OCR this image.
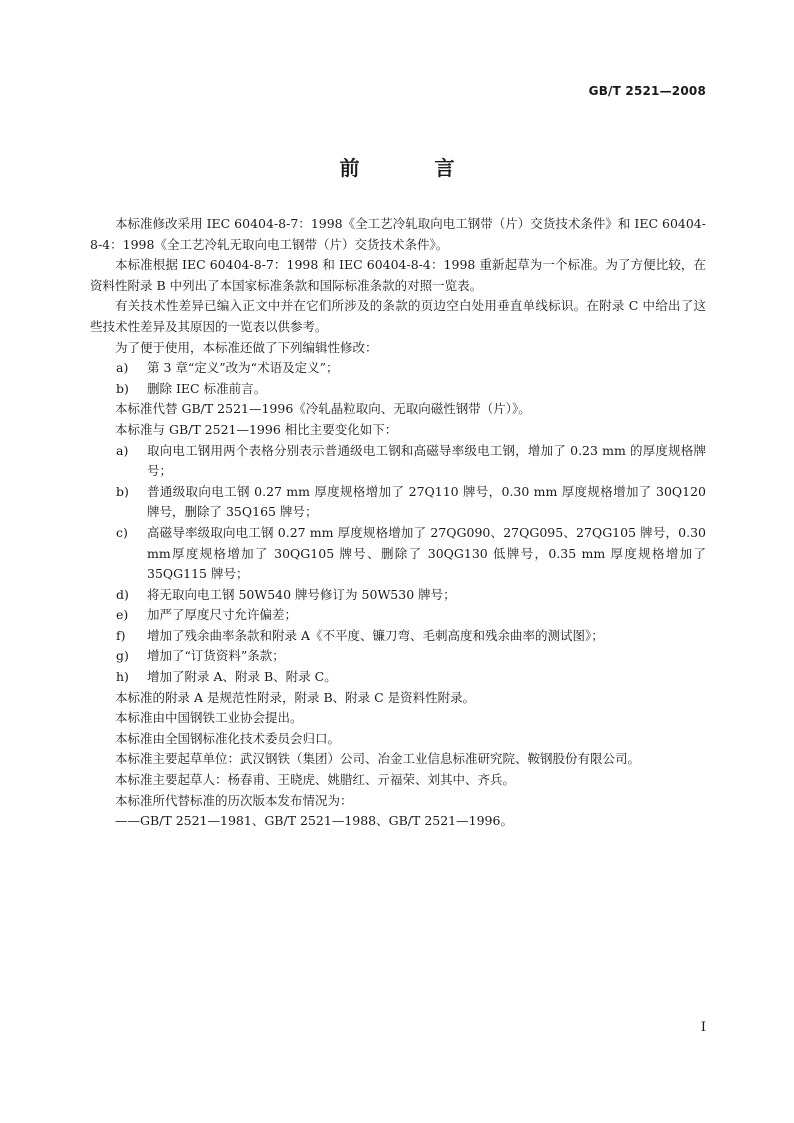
GB/T 2521—2008
前 言

本标准修改采用 IEC 60404-8-7：1998《全工艺冷轧取向电工钢带（片）交货技术条件》和 IEC 60404-8-4：1998《全工艺冷轧无取向电工钢带（片）交货技术条件》。

本标准根据 IEC 60404-8-7：1998 和 IEC 60404-8-4：1998 重新起草为一个标准。为了方便比较，在资料性附录 B 中列出了本国家标准条款和国际标准条款的对照一览表。

有关技术性差异已编入正文中并在它们所涉及的条款的页边空白处用垂直单线标识。在附录 C 中给出了这些技术性差异及其原因的一览表以供参考。

为了便于使用，本标准还做了下列编辑性修改：

a) 第 3 章“定义”改为“术语及定义”；
b) 删除 IEC 标准前言。

本标准代替 GB/T 2521—1996《冷轧晶粒取向、无取向磁性钢带（片）》。

本标准与 GB/T 2521—1996 相比主要变化如下：

a) 取向电工钢用两个表格分别表示普通级电工钢和高磁导率级电工钢，增加了 0.23 mm 的厚度规格牌号；
b) 普通级取向电工钢 0.27 mm 厚度规格增加了 27Q110 牌号，0.30 mm 厚度规格增加了 30Q120 牌号，删除了 35Q165 牌号；
c) 高磁导率级取向电工钢 0.27 mm 厚度规格增加了 27QG090、27QG095、27QG105 牌号，0.30 mm厚度规格增加了 30QG105 牌号、删除了 30QG130 低牌号，0.35 mm 厚度规格增加了 35QG115 牌号；
d) 将无取向电工钢 50W540 牌号修订为 50W530 牌号；
e) 加严了厚度尺寸允许偏差；
f) 增加了残余曲率条款和附录 A《不平度、镰刀弯、毛刺高度和残余曲率的测试图》；
g) 增加了“订货资料”条款；
h) 增加了附录 A、附录 B、附录 C。

本标准的附录 A 是规范性附录，附录 B、附录 C 是资料性附录。

本标准由中国钢铁工业协会提出。

本标准由全国钢标准化技术委员会归口。

本标准主要起草单位：武汉钢铁（集团）公司、冶金工业信息标准研究院、鞍钢股份有限公司。

本标准主要起草人：杨春甫、王晓虎、姚腊红、亓福荣、刘其中、齐兵。

本标准所代替标准的历次版本发布情况为：

——GB/T 2521—1981、GB/T 2521—1988、GB/T 2521—1996。

I
